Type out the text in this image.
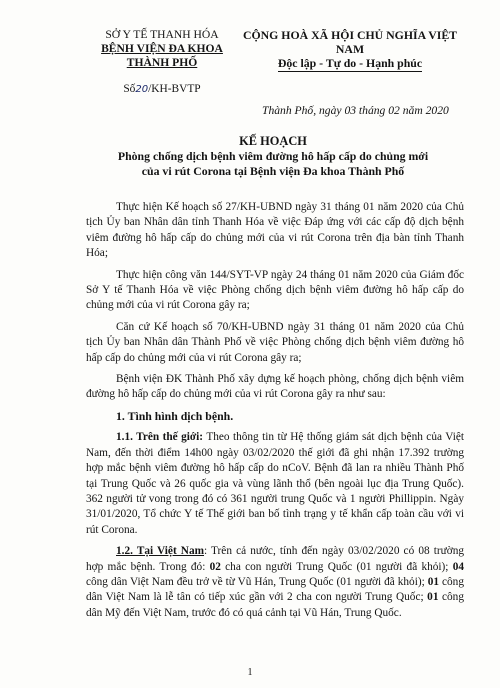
SỞ Y TẾ THANH HÓA
BỆNH VIỆN ĐA KHOA THÀNH PHỐ
Số20/KH-BVTP
CỘNG HOÀ XÃ HỘI CHỦ NGHĨA VIỆT NAM
Độc lập - Tự do - Hạnh phúc
Thành Phố, ngày 03 tháng 02 năm 2020
KẾ HOẠCH
Phòng chống dịch bệnh viêm đường hô hấp cấp do chủng mới
của vi rút Corona tại Bệnh viện Đa khoa Thành Phố

Thực hiện Kế hoạch số 27/KH-UBND ngày 31 tháng 01 năm 2020 của Chủ tịch Ủy ban Nhân dân tỉnh Thanh Hóa về việc Đáp ứng với các cấp độ dịch bệnh viêm đường hô hấp cấp do chủng mới của vi rút Corona trên địa bàn tỉnh Thanh Hóa;

Thực hiện công văn 144/SYT-VP ngày 24 tháng 01 năm 2020 của Giám đốc Sở Y tế Thanh Hóa về việc Phòng chống dịch bệnh viêm đường hô hấp cấp do chủng mới của vi rút Corona gây ra;

Căn cứ Kế hoạch số 70/KH-UBND ngày 31 tháng 01 năm 2020 của Chủ tịch Ủy ban Nhân dân Thành Phố về việc Phòng chống dịch bệnh viêm đường hô hấp cấp do chủng mới của vi rút Corona gây ra;

Bệnh viện ĐK Thành Phố xây dựng kế hoạch phòng, chống dịch bệnh viêm đường hô hấp cấp do chủng mới của vi rút Corona gây ra như sau:

1. Tình hình dịch bệnh.

1.1. Trên thế giới: Theo thông tin từ Hệ thống giám sát dịch bệnh của Việt Nam, đến thời điểm 14h00 ngày 03/02/2020 thế giới đã ghi nhận 17.392 trường hợp mắc bệnh viêm đường hô hấp cấp do nCoV. Bệnh đã lan ra nhiều Thành Phố tại Trung Quốc và 26 quốc gia và vùng lãnh thổ (bên ngoài lục địa Trung Quốc). 362 người tử vong trong đó có 361 người trung Quốc và 1 người Phillippin. Ngày 31/01/2020, Tổ chức Y tế Thế giới ban bố tình trạng y tế khẩn cấp toàn cầu với vi rút Corona.

1.2. Tại Việt Nam: Trên cả nước, tính đến ngày 03/02/2020 có 08 trường hợp mắc bệnh. Trong đó: 02 cha con người Trung Quốc (01 người đã khỏi); 04 công dân Việt Nam đều trở về từ Vũ Hán, Trung Quốc (01 người đã khỏi); 01 công dân Việt Nam là lễ tân có tiếp xúc gần với 2 cha con người Trung Quốc; 01 công dân Mỹ đến Việt Nam, trước đó có quá cảnh tại Vũ Hán, Trung Quốc.

1
